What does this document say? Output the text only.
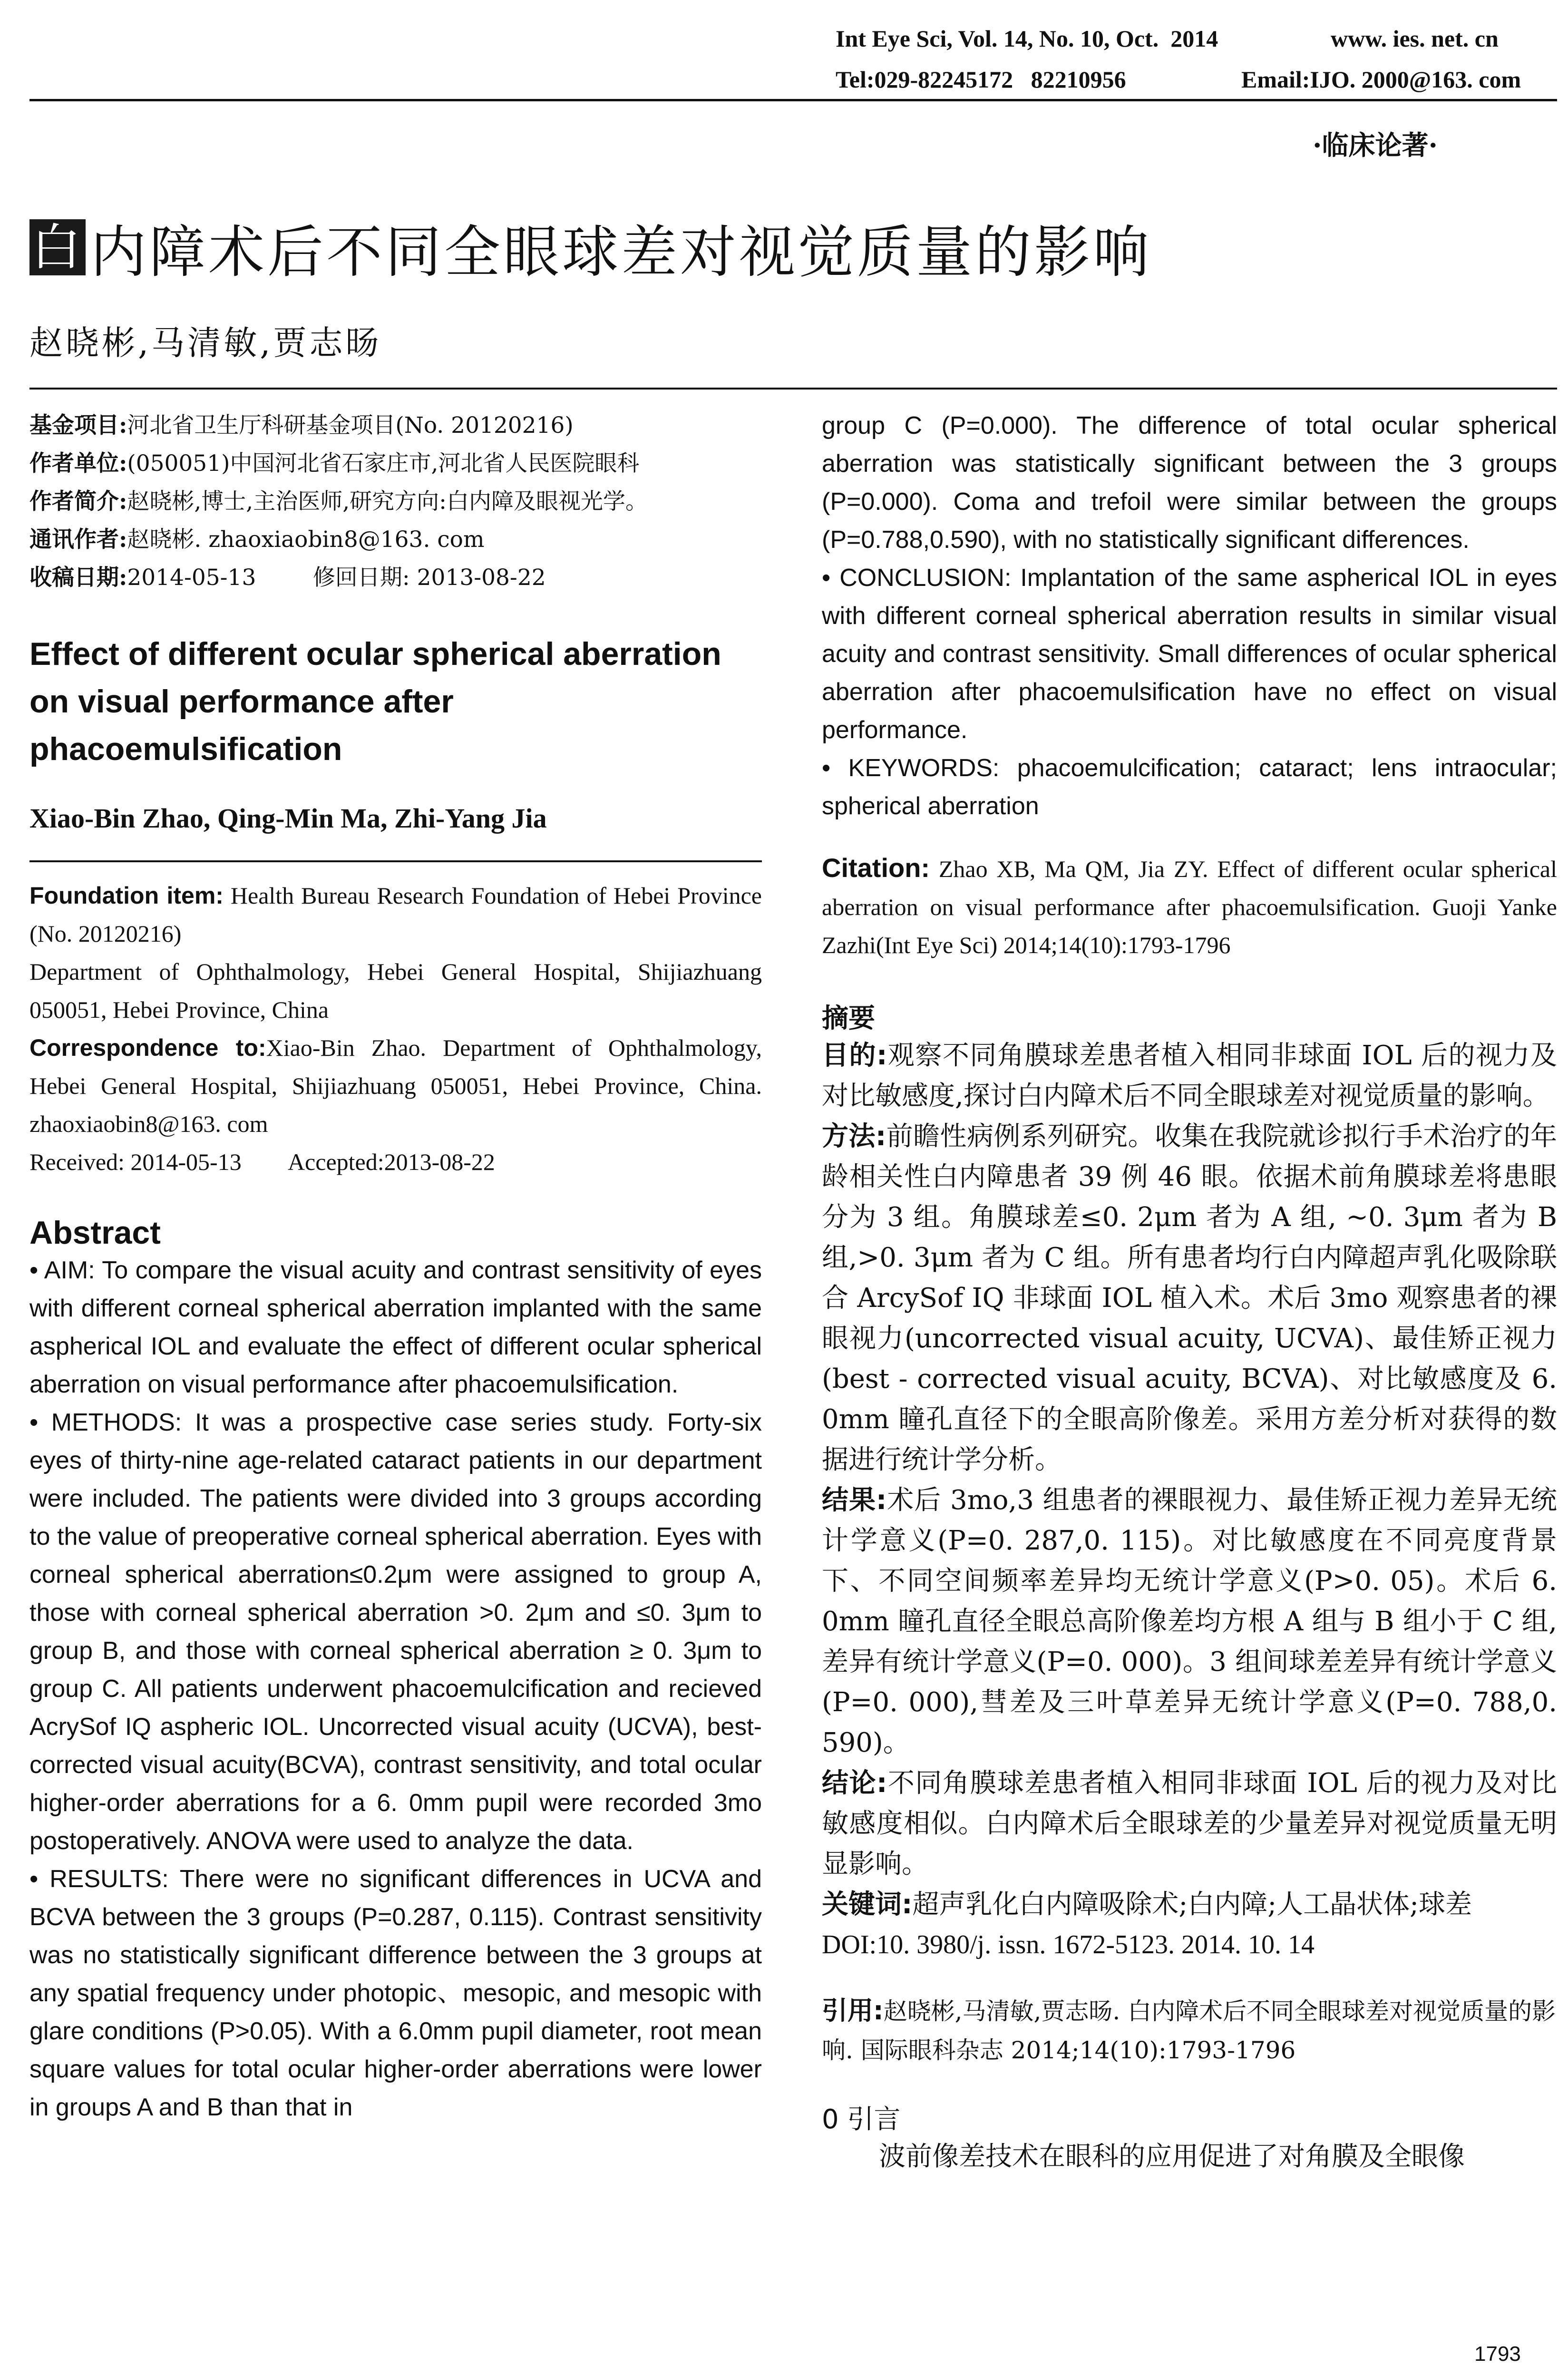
Int Eye Sci, Vol. 14, No. 10, Oct.  2014	www. ies. net. cn
Tel:029-82245172   82210956	Email:IJO. 2000@163. com
·临床论著·
白 内障术后不同全眼球差对视觉质量的影响
赵晓彬,马清敏,贾志旸

基金项目:河北省卫生厅科研基金项目(No. 20120216)

作者单位:(050051)中国河北省石家庄市,河北省人民医院眼科

作者简介:赵晓彬,博士,主治医师,研究方向:白内障及眼视光学。

通讯作者:赵晓彬. zhaoxiaobin8@163. com

收稿日期:2014-05-13        修回日期: 2013-08-22

Effect of different ocular spherical aberration on visual performance after phacoemulsification
Xiao-Bin Zhao, Qing-Min Ma, Zhi-Yang Jia

Foundation item: Health Bureau Research Foundation of Hebei Province (No. 20120216)

Department of Ophthalmology, Hebei General Hospital, Shijiazhuang 050051, Hebei Province, China

Correspondence to:Xiao-Bin Zhao. Department of Ophthalmology, Hebei General Hospital, Shijiazhuang 050051, Hebei Province, China. zhaoxiaobin8@163. com

Received: 2014-05-13        Accepted:2013-08-22

Abstract

• AIM: To compare the visual acuity and contrast sensitivity of eyes with different corneal spherical aberration implanted with the same aspherical IOL and evaluate the effect of different ocular spherical aberration on visual performance after phacoemulsification.

• METHODS: It was a prospective case series study. Forty-six eyes of thirty-nine age-related cataract patients in our department were included. The patients were divided into 3 groups according to the value of preoperative corneal spherical aberration. Eyes with corneal spherical aberration≤0.2μm were assigned to group A, those with corneal spherical aberration >0. 2μm and ≤0. 3μm to group B, and those with corneal spherical aberration ≥ 0. 3μm to group C. All patients underwent phacoemulcification and recieved AcrySof IQ aspheric IOL. Uncorrected visual acuity (UCVA), best-corrected visual acuity(BCVA), contrast sensitivity, and total ocular higher-order aberrations for a 6. 0mm pupil were recorded 3mo postoperatively. ANOVA were used to analyze the data.

• RESULTS: There were no significant differences in UCVA and BCVA between the 3 groups (P=0.287, 0.115). Contrast sensitivity was no statistically significant difference between the 3 groups at any spatial frequency under photopic、mesopic, and mesopic with glare conditions (P>0.05). With a 6.0mm pupil diameter, root mean square values for total ocular higher-order aberrations were lower in groups A and B than that in

group C (P=0.000). The difference of total ocular spherical aberration was statistically significant between the 3 groups (P=0.000). Coma and trefoil were similar between the groups (P=0.788,0.590), with no statistically significant differences.

• CONCLUSION: Implantation of the same aspherical IOL in eyes with different corneal spherical aberration results in similar visual acuity and contrast sensitivity. Small differences of ocular spherical aberration after phacoemulsification have no effect on visual performance.

• KEYWORDS: phacoemulcification; cataract; lens intraocular; spherical aberration

Citation: Zhao XB, Ma QM, Jia ZY. Effect of different ocular spherical aberration on visual performance after phacoemulsification. Guoji Yanke Zazhi(Int Eye Sci) 2014;14(10):1793-1796
摘要

目的:观察不同角膜球差患者植入相同非球面 IOL 后的视力及对比敏感度,探讨白内障术后不同全眼球差对视觉质量的影响。

方法:前瞻性病例系列研究。收集在我院就诊拟行手术治疗的年龄相关性白内障患者 39 例 46 眼。依据术前角膜球差将患眼分为 3 组。角膜球差≤0. 2μm 者为 A 组, ~0. 3μm 者为 B 组,>0. 3μm 者为 C 组。所有患者均行白内障超声乳化吸除联合 ArcySof IQ 非球面 IOL 植入术。术后 3mo 观察患者的裸眼视力(uncorrected visual acuity, UCVA)、最佳矫正视力(best - corrected visual acuity, BCVA)、对比敏感度及 6. 0mm 瞳孔直径下的全眼高阶像差。采用方差分析对获得的数据进行统计学分析。

结果:术后 3mo,3 组患者的裸眼视力、最佳矫正视力差异无统计学意义(P=0. 287,0. 115)。对比敏感度在不同亮度背景下、不同空间频率差异均无统计学意义(P>0. 05)。术后 6. 0mm 瞳孔直径全眼总高阶像差均方根 A 组与 B 组小于 C 组,差异有统计学意义(P=0. 000)。3 组间球差差异有统计学意义(P=0. 000),彗差及三叶草差异无统计学意义(P=0. 788,0. 590)。

结论:不同角膜球差患者植入相同非球面 IOL 后的视力及对比敏感度相似。白内障术后全眼球差的少量差异对视觉质量无明显影响。

关键词:超声乳化白内障吸除术;白内障;人工晶状体;球差

DOI:10. 3980/j. issn. 1672-5123. 2014. 10. 14

引用:赵晓彬,马清敏,贾志旸. 白内障术后不同全眼球差对视觉质量的影响. 国际眼科杂志 2014;14(10):1793-1796
0 引言
波前像差技术在眼科的应用促进了对角膜及全眼像
1793
